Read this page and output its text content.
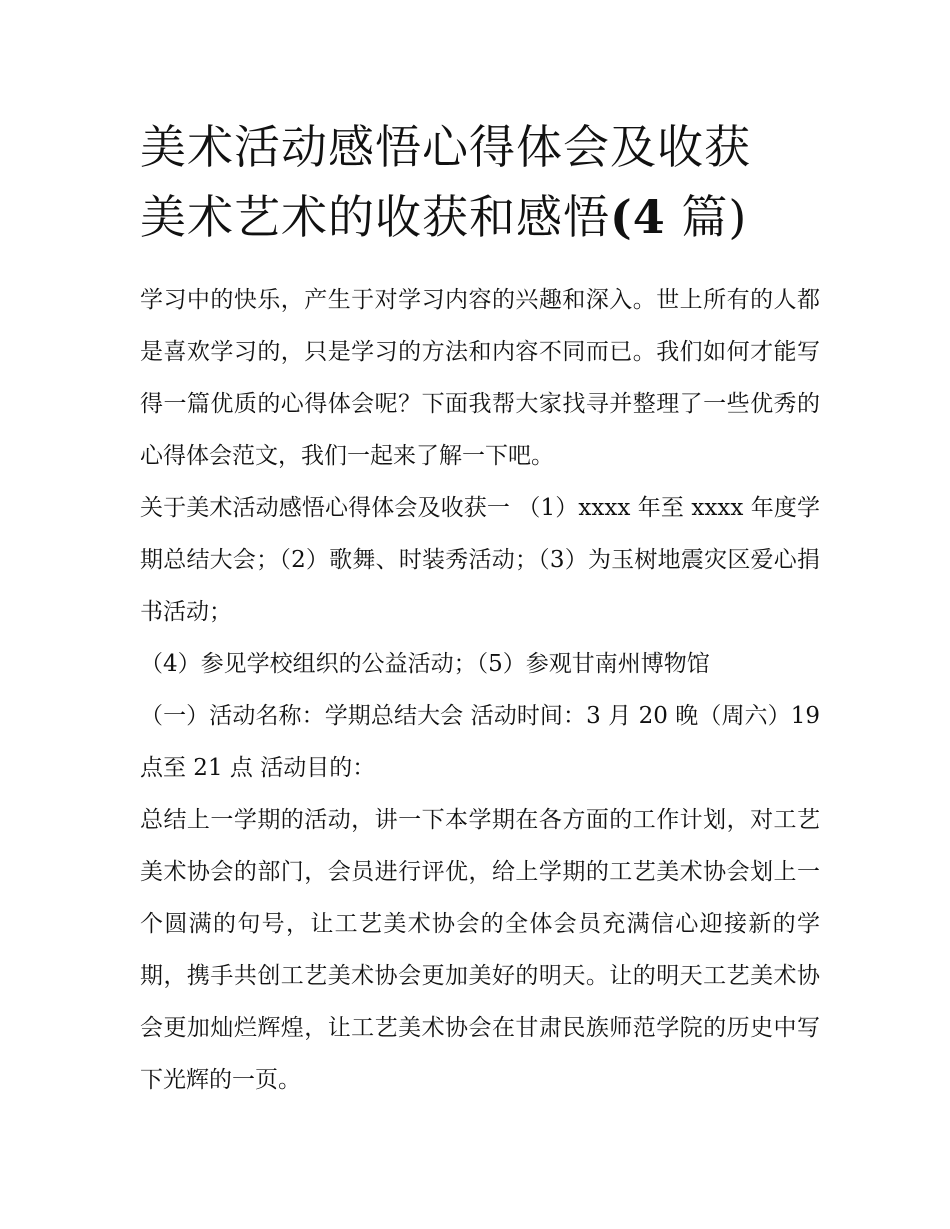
美术活动感悟心得体会及收获
美术艺术的收获和感悟(4 篇)

学习中的快乐，产生于对学习内容的兴趣和深入。世上所有的人都是喜欢学习的，只是学习的方法和内容不同而已。我们如何才能写得一篇优质的心得体会呢？下面我帮大家找寻并整理了一些优秀的心得体会范文，我们一起来了解一下吧。

关于美术活动感悟心得体会及收获一 （1）xxxx 年至 xxxx 年度学期总结大会；（2）歌舞、时装秀活动；（3）为玉树地震灾区爱心捐书活动；

（4）参见学校组织的公益活动；（5）参观甘南州博物馆

（一）活动名称：学期总结大会 活动时间：3 月 20 晚（周六）19 点至 21 点 活动目的：

总结上一学期的活动，讲一下本学期在各方面的工作计划，对工艺美术协会的部门，会员进行评优，给上学期的工艺美术协会划上一个圆满的句号，让工艺美术协会的全体会员充满信心迎接新的学期，携手共创工艺美术协会更加美好的明天。让的明天工艺美术协会更加灿烂辉煌，让工艺美术协会在甘肃民族师范学院的历史中写下光辉的一页。
